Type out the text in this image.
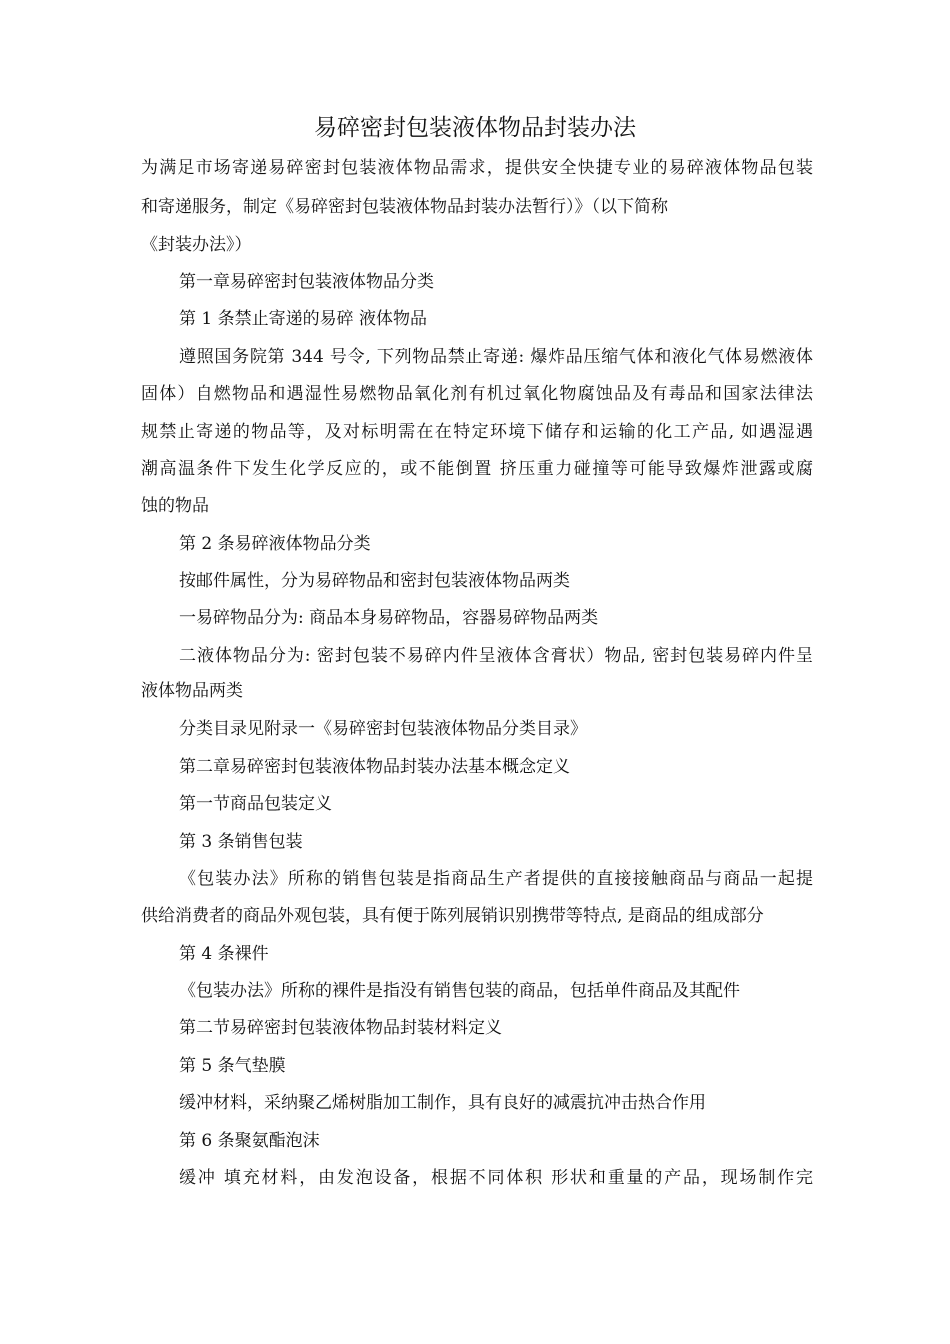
易碎密封包装液体物品封装办法
为满足市场寄递易碎密封包装液体物品需求，提供安全快捷专业的易碎液体物品包装
和寄递服务，制定《易碎密封包装液体物品封装办法暂行）》（以下简称
《封装办法》）
第一章易碎密封包装液体物品分类
第 1 条禁止寄递的易碎 液体物品
遵照国务院第 344 号令, 下列物品禁止寄递: 爆炸品压缩气体和液化气体易燃液体
固体）自燃物品和遇湿性易燃物品氧化剂有机过氧化物腐蚀品及有毒品和国家法律法
规禁止寄递的物品等，及对标明需在在特定环境下储存和运输的化工产品, 如遇湿遇
潮高温条件下发生化学反应的，或不能倒置 挤压重力碰撞等可能导致爆炸泄露或腐
蚀的物品
第 2 条易碎液体物品分类
按邮件属性，分为易碎物品和密封包装液体物品两类
一易碎物品分为: 商品本身易碎物品，容器易碎物品两类
二液体物品分为: 密封包装不易碎内件呈液体含膏状）物品, 密封包装易碎内件呈
液体物品两类
分类目录见附录一《易碎密封包装液体物品分类目录》
第二章易碎密封包装液体物品封装办法基本概念定义
第一节商品包装定义
第 3 条销售包装
《包装办法》所称的销售包装是指商品生产者提供的直接接触商品与商品一起提
供给消费者的商品外观包装，具有便于陈列展销识别携带等特点, 是商品的组成部分
第 4 条裸件
《包装办法》所称的裸件是指没有销售包装的商品，包括单件商品及其配件
第二节易碎密封包装液体物品封装材料定义
第 5 条气垫膜
缓冲材料，采纳聚乙烯树脂加工制作，具有良好的减震抗冲击热合作用
第 6 条聚氨酯泡沫
缓冲 填充材料，由发泡设备，根据不同体积 形状和重量的产品，现场制作完
